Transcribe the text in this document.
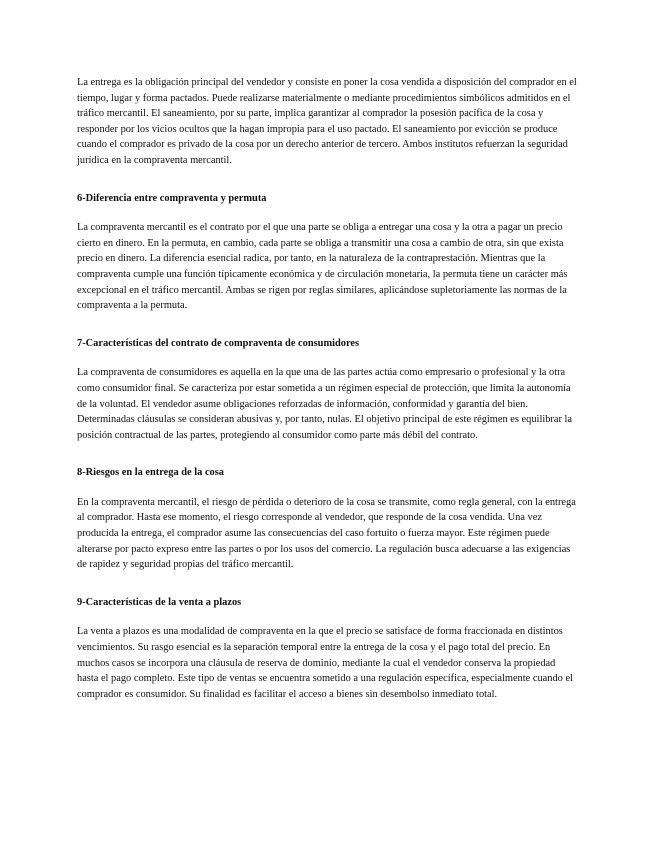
La entrega es la obligación principal del vendedor y consiste en poner la cosa vendida a disposición del comprador en el tiempo, lugar y forma pactados. Puede realizarse materialmente o mediante procedimientos simbólicos admitidos en el tráfico mercantil. El saneamiento, por su parte, implica garantizar al comprador la posesión pacífica de la cosa y responder por los vicios ocultos que la hagan impropia para el uso pactado. El saneamiento por evicción se produce cuando el comprador es privado de la cosa por un derecho anterior de tercero. Ambos institutos refuerzan la seguridad jurídica en la compraventa mercantil.

6-Diferencia entre compraventa y permuta

La compraventa mercantil es el contrato por el que una parte se obliga a entregar una cosa y la otra a pagar un precio cierto en dinero. En la permuta, en cambio, cada parte se obliga a transmitir una cosa a cambio de otra, sin que exista precio en dinero. La diferencia esencial radica, por tanto, en la naturaleza de la contraprestación. Mientras que la compraventa cumple una función típicamente económica y de circulación monetaria, la permuta tiene un carácter más excepcional en el tráfico mercantil. Ambas se rigen por reglas similares, aplicándose supletoriamente las normas de la compraventa a la permuta.

7-Características del contrato de compraventa de consumidores

La compraventa de consumidores es aquella en la que una de las partes actúa como empresario o profesional y la otra como consumidor final. Se caracteriza por estar sometida a un régimen especial de protección, que limita la autonomía de la voluntad. El vendedor asume obligaciones reforzadas de información, conformidad y garantía del bien. Determinadas cláusulas se consideran abusivas y, por tanto, nulas. El objetivo principal de este régimen es equilibrar la posición contractual de las partes, protegiendo al consumidor como parte más débil del contrato.

8-Riesgos en la entrega de la cosa

En la compraventa mercantil, el riesgo de pérdida o deterioro de la cosa se transmite, como regla general, con la entrega al comprador. Hasta ese momento, el riesgo corresponde al vendedor, que responde de la cosa vendida. Una vez producida la entrega, el comprador asume las consecuencias del caso fortuito o fuerza mayor. Este régimen puede alterarse por pacto expreso entre las partes o por los usos del comercio. La regulación busca adecuarse a las exigencias de rapidez y seguridad propias del tráfico mercantil.

9-Características de la venta a plazos

La venta a plazos es una modalidad de compraventa en la que el precio se satisface de forma fraccionada en distintos vencimientos. Su rasgo esencial es la separación temporal entre la entrega de la cosa y el pago total del precio. En muchos casos se incorpora una cláusula de reserva de dominio, mediante la cual el vendedor conserva la propiedad hasta el pago completo. Este tipo de ventas se encuentra sometido a una regulación específica, especialmente cuando el comprador es consumidor. Su finalidad es facilitar el acceso a bienes sin desembolso inmediato total.
